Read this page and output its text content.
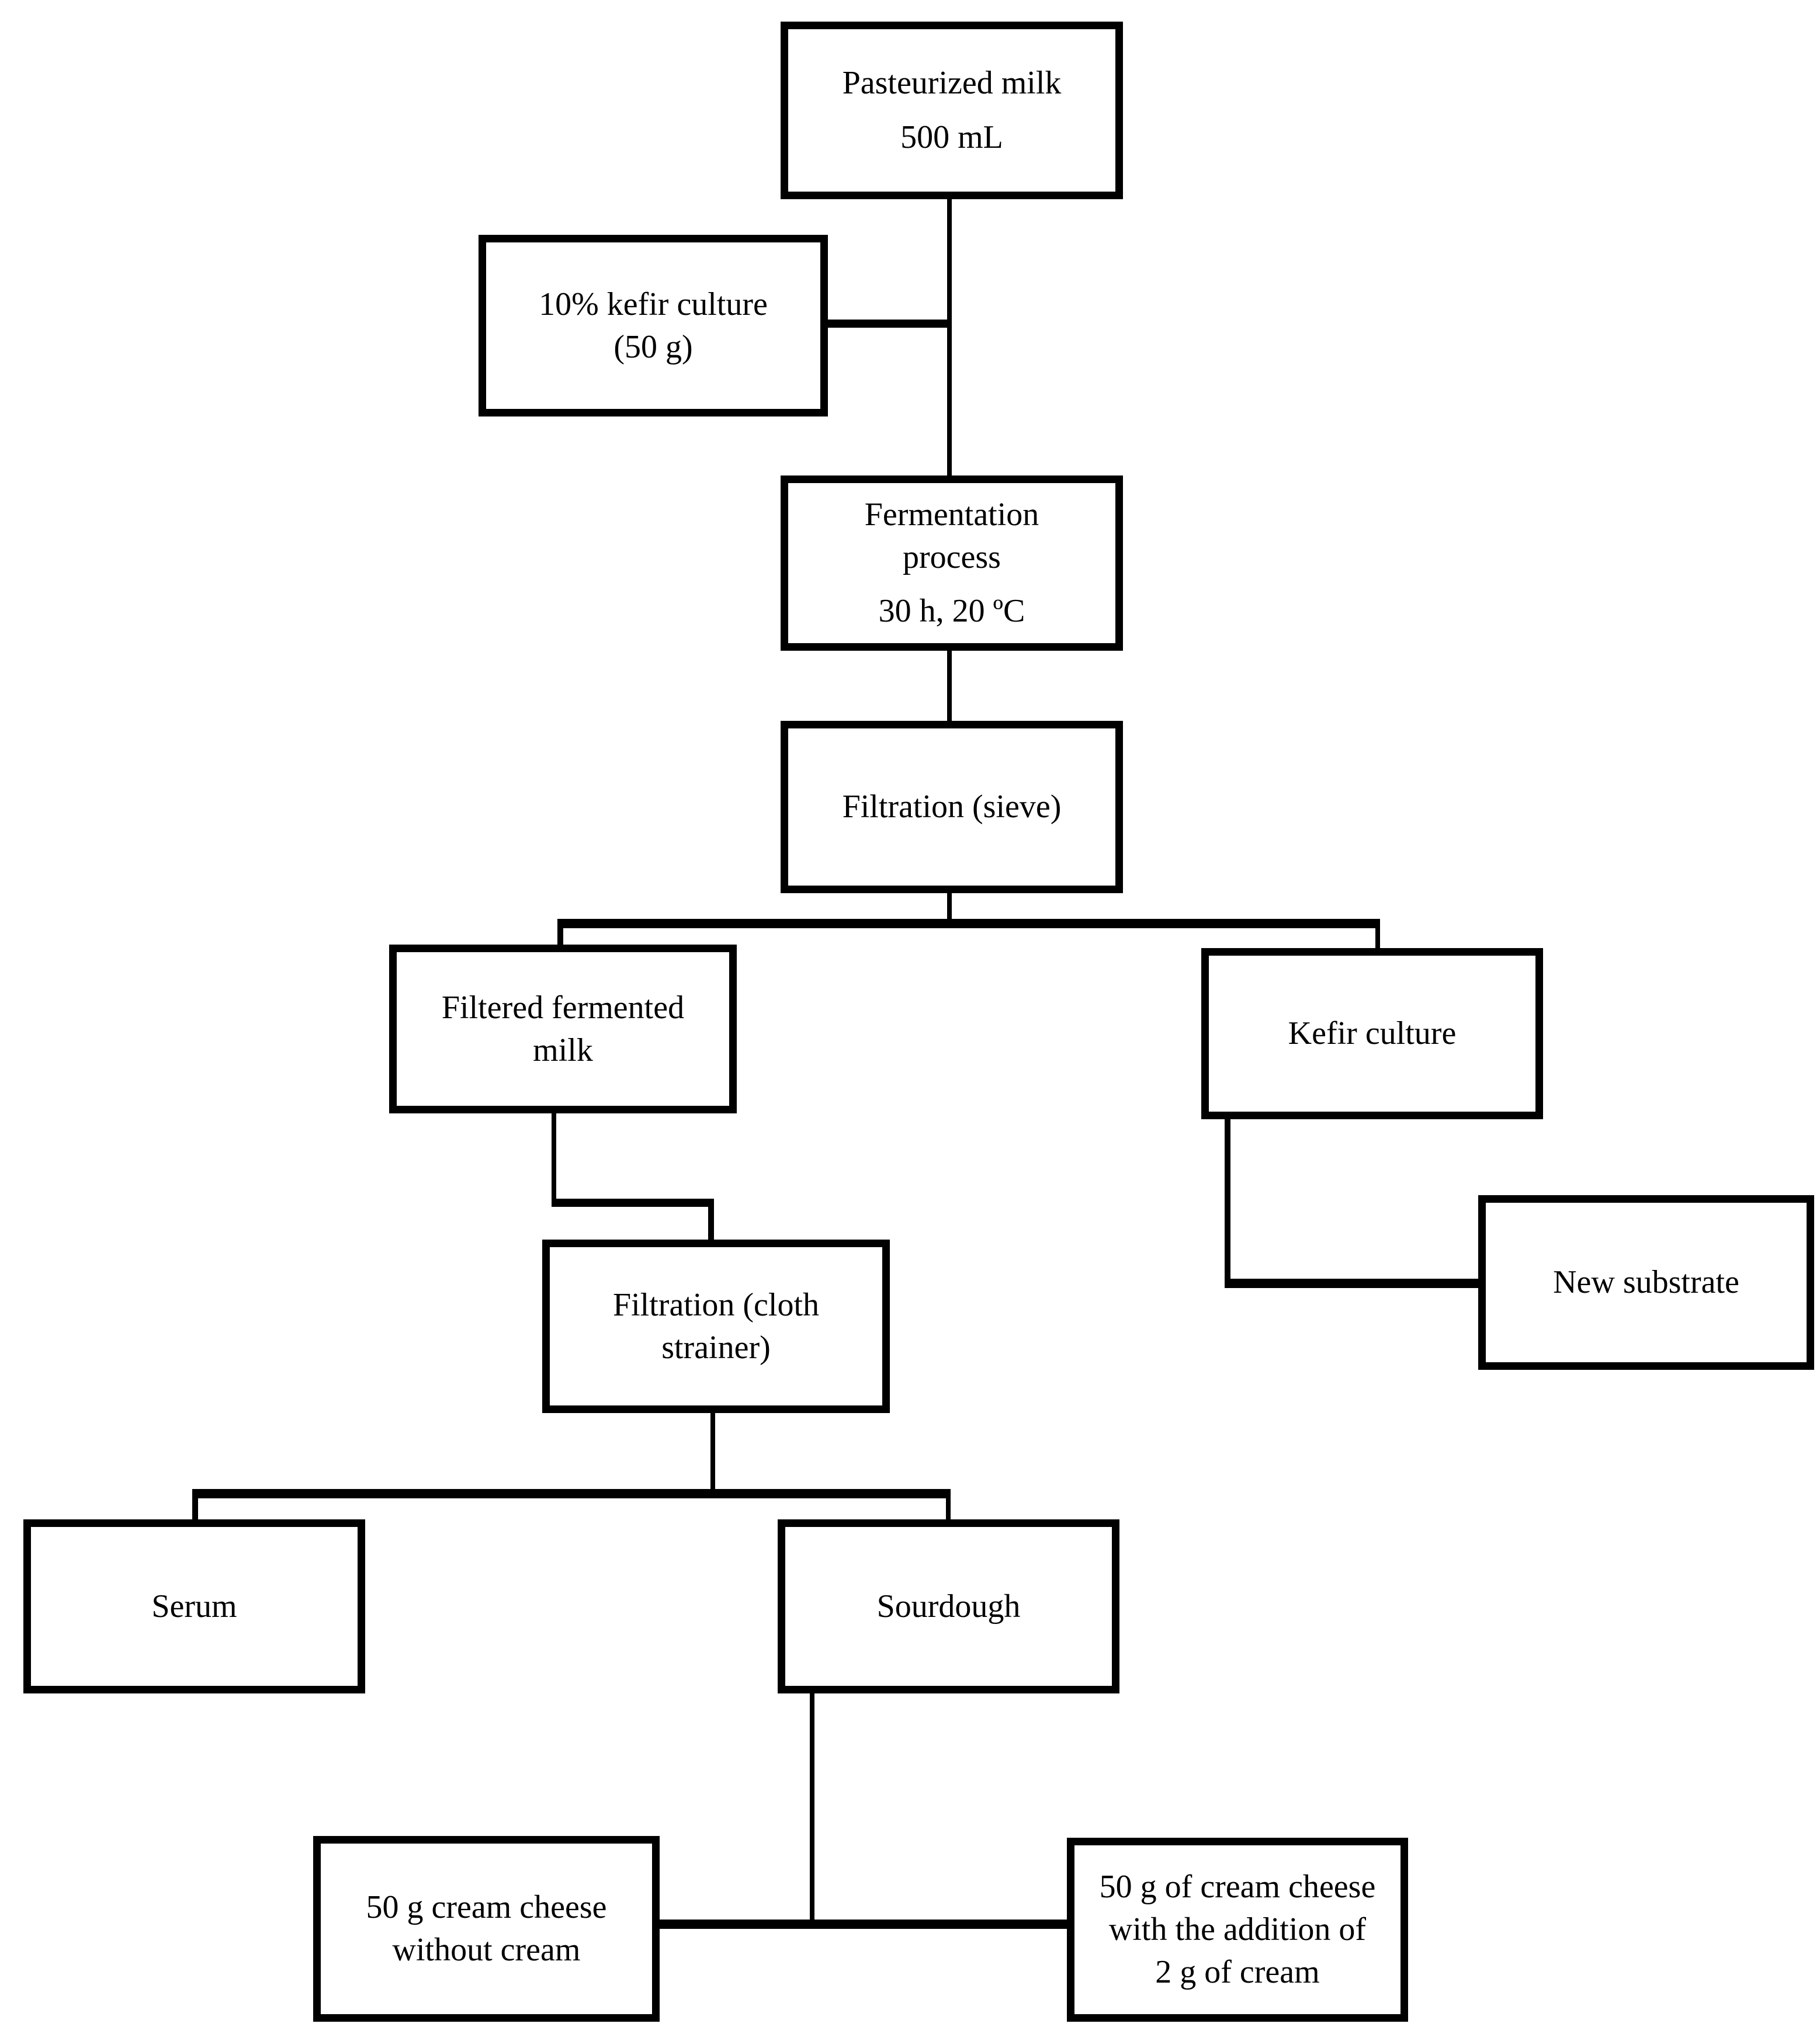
Pasteurized milk
500 mL
10% kefir culture
(50 g)
Fermentation
process
30 h, 20 ºC
Filtration (sieve)
Filtered fermented
milk	Kefir culture
Filtration (cloth
strainer)
New substrate
Serum	Sourdough
50 g cream cheese
without cream
50 g of cream cheese
with the addition of
2 g of cream
